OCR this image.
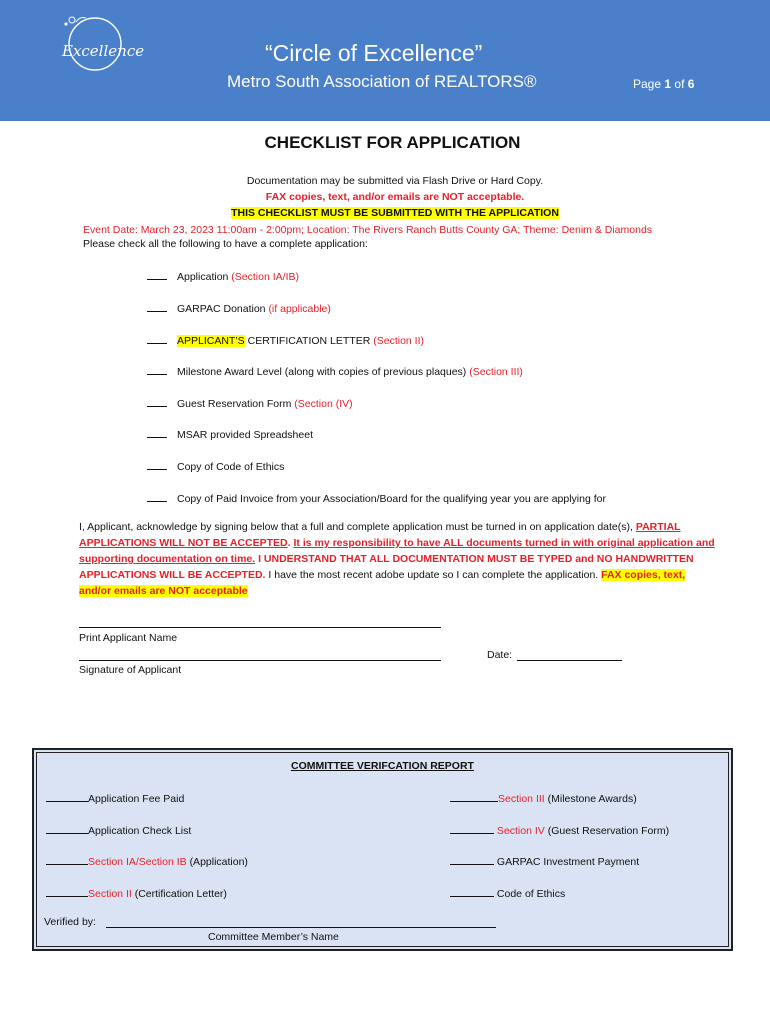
Excellence	“Circle of Excellence”
Metro South Association of REALTORS®	Page 1 of 6
CHECKLIST FOR APPLICATION
Documentation may be submitted via Flash Drive or Hard Copy.
FAX copies, text, and/or emails are NOT acceptable.
THIS CHECKLIST MUST BE SUBMITTED WITH THE APPLICATION
Event Date: March 23, 2023 11:00am - 2:00pm; Location: The Rivers Ranch Butts County GA; Theme: Denim & Diamonds
Please check all the following to have a complete application:
Application (Section IA/IB)
GARPAC Donation (if applicable)
APPLICANT’S CERTIFICATION LETTER (Section II)
Milestone Award Level (along with copies of previous plaques) (Section III)
Guest Reservation Form (Section (IV)
MSAR provided Spreadsheet
Copy of Code of Ethics
Copy of Paid Invoice from your Association/Board for the qualifying year you are applying for
I, Applicant, acknowledge by signing below that a full and complete application must be turned in on application date(s), PARTIAL APPLICATIONS WILL NOT BE ACCEPTED. It is my responsibility to have ALL documents turned in with original application and supporting documentation on time. I UNDERSTAND THAT ALL DOCUMENTATION MUST BE TYPED and NO HANDWRITTEN APPLICATIONS WILL BE ACCEPTED. I have the most recent adobe update so I can complete the application. FAX copies, text, and/or emails are NOT acceptable
Print Applicant Name
Signature of Applicant
Date:
COMMITTEE VERIFCATION REPORT
Application Fee Paid
Application Check List
Section IA/Section IB (Application)
Section II (Certification Letter)
Section III (Milestone Awards)
Section IV (Guest Reservation Form)
GARPAC Investment Payment
Code of Ethics
Verified by:
Committee Member’s Name
